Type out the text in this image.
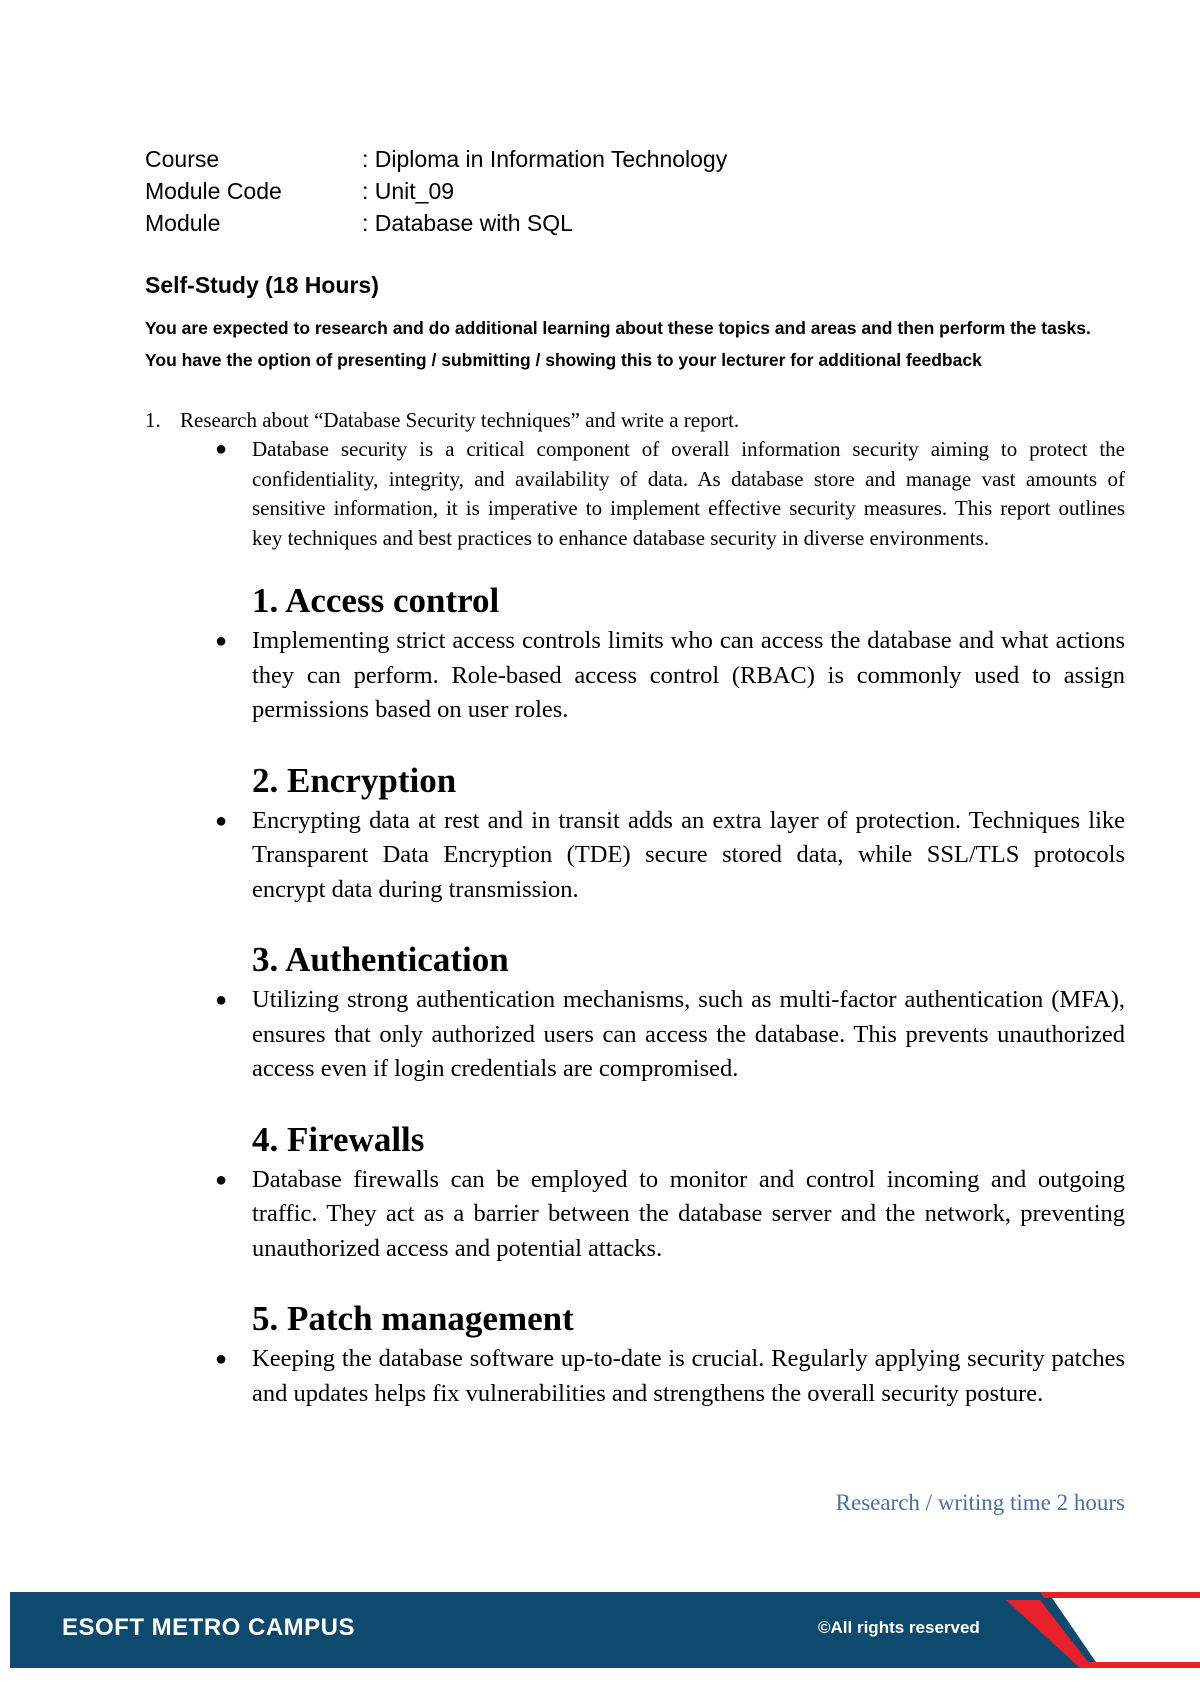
Course	: Diploma in Information Technology
Module Code	: Unit_09
Module	: Database with SQL
Self-Study (18 Hours)
You are expected to research and do additional learning about these topics and areas and then perform the tasks.
You have the option of presenting / submitting / showing this to your lecturer for additional feedback
1. Research about “Database Security techniques” and write a report.
● Database security is a critical component of overall information security aiming to protect the confidentiality, integrity, and availability of data. As database store and manage vast amounts of sensitive information, it is imperative to implement effective security measures. This report outlines key techniques and best practices to enhance database security in diverse environments.
1. Access control
● Implementing strict access controls limits who can access the database and what actions they can perform. Role-based access control (RBAC) is commonly used to assign permissions based on user roles.
2. Encryption
● Encrypting data at rest and in transit adds an extra layer of protection. Techniques like Transparent Data Encryption (TDE) secure stored data, while SSL/TLS protocols encrypt data during transmission.
3. Authentication
● Utilizing strong authentication mechanisms, such as multi-factor authentication (MFA), ensures that only authorized users can access the database. This prevents unauthorized access even if login credentials are compromised.
4. Firewalls
● Database firewalls can be employed to monitor and control incoming and outgoing traffic. They act as a barrier between the database server and the network, preventing unauthorized access and potential attacks.
5. Patch management
● Keeping the database software up-to-date is crucial. Regularly applying security patches and updates helps fix vulnerabilities and strengthens the overall security posture.
Research / writing time 2 hours
ESOFT METRO CAMPUS	©All rights reserved
